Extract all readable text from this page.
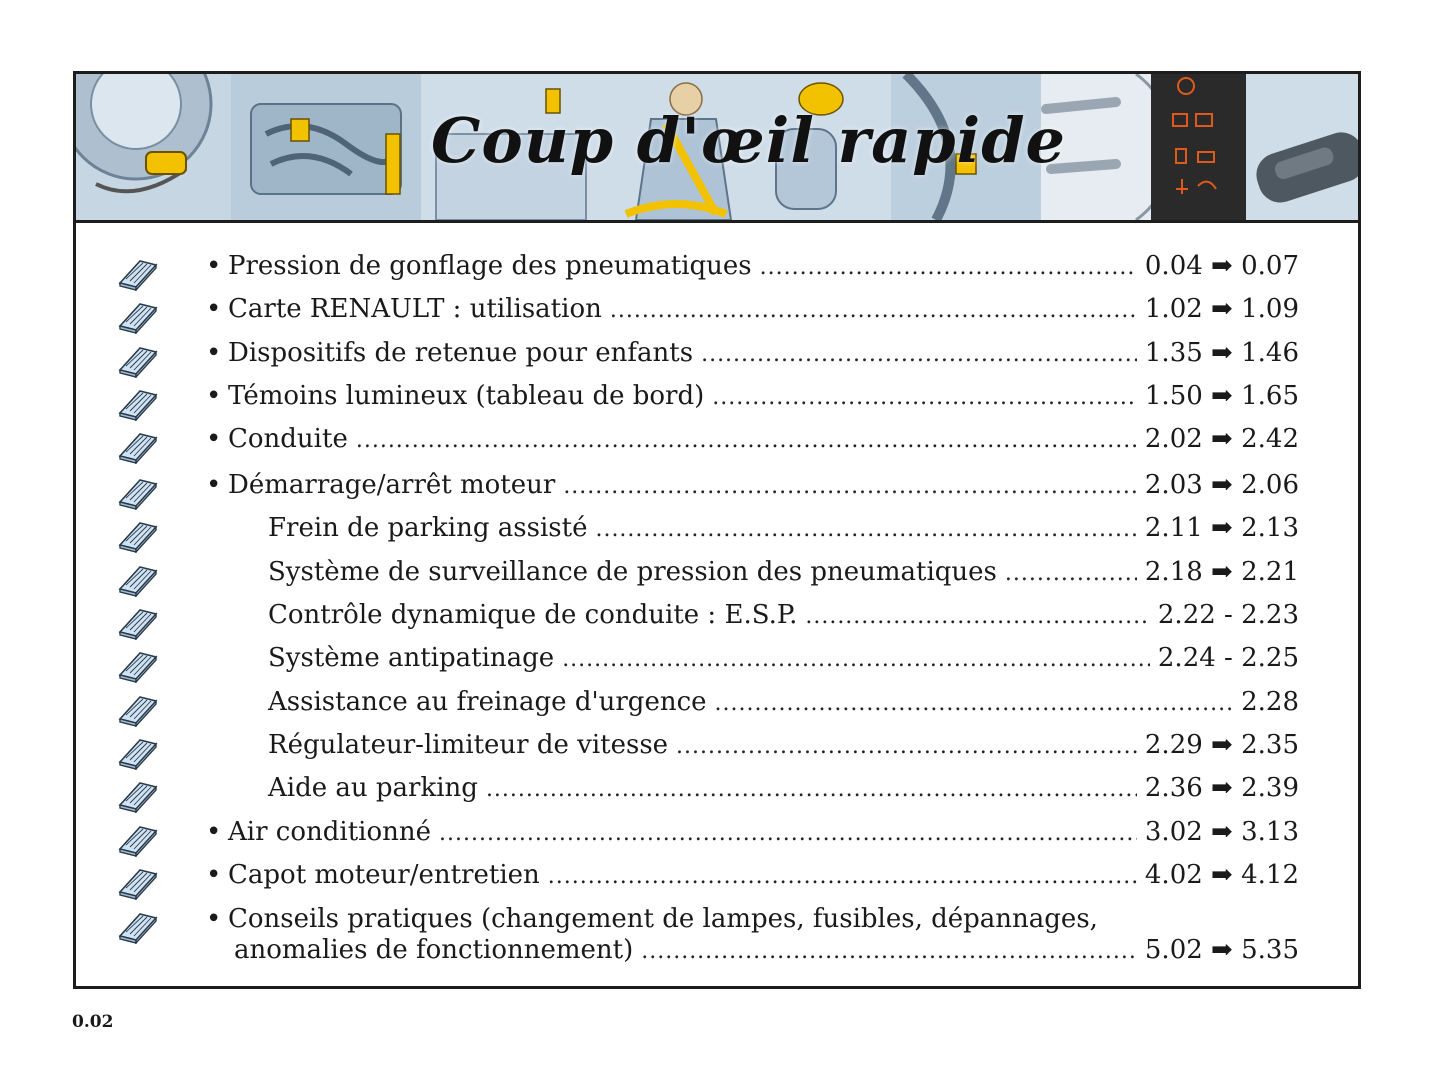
Coup d'œil rapide
• Pression de gonflage des pneumatiques .....	0.04 ➡ 0.07
• Carte RENAULT : utilisation .....	1.02 ➡ 1.09
• Dispositifs de retenue pour enfants .....	1.35 ➡ 1.46
• Témoins lumineux (tableau de bord) .....	1.50 ➡ 1.65
• Conduite .....	2.02 ➡ 2.42
• Démarrage/arrêt moteur .....	2.03 ➡ 2.06
Frein de parking assisté .....	2.11 ➡ 2.13
Système de surveillance de pression des pneumatiques .....	2.18 ➡ 2.21
Contrôle dynamique de conduite : E.S.P. .....	2.22 - 2.23
Système antipatinage .....	2.24 - 2.25
Assistance au freinage d'urgence .....	2.28
Régulateur-limiteur de vitesse .....	2.29 ➡ 2.35
Aide au parking .....	2.36 ➡ 2.39
• Air conditionné .....	3.02 ➡ 3.13
• Capot moteur/entretien .....	4.02 ➡ 4.12
• Conseils pratiques (changement de lampes, fusibles, dépannages,
anomalies de fonctionnement) .....	5.02 ➡ 5.35
0.02
